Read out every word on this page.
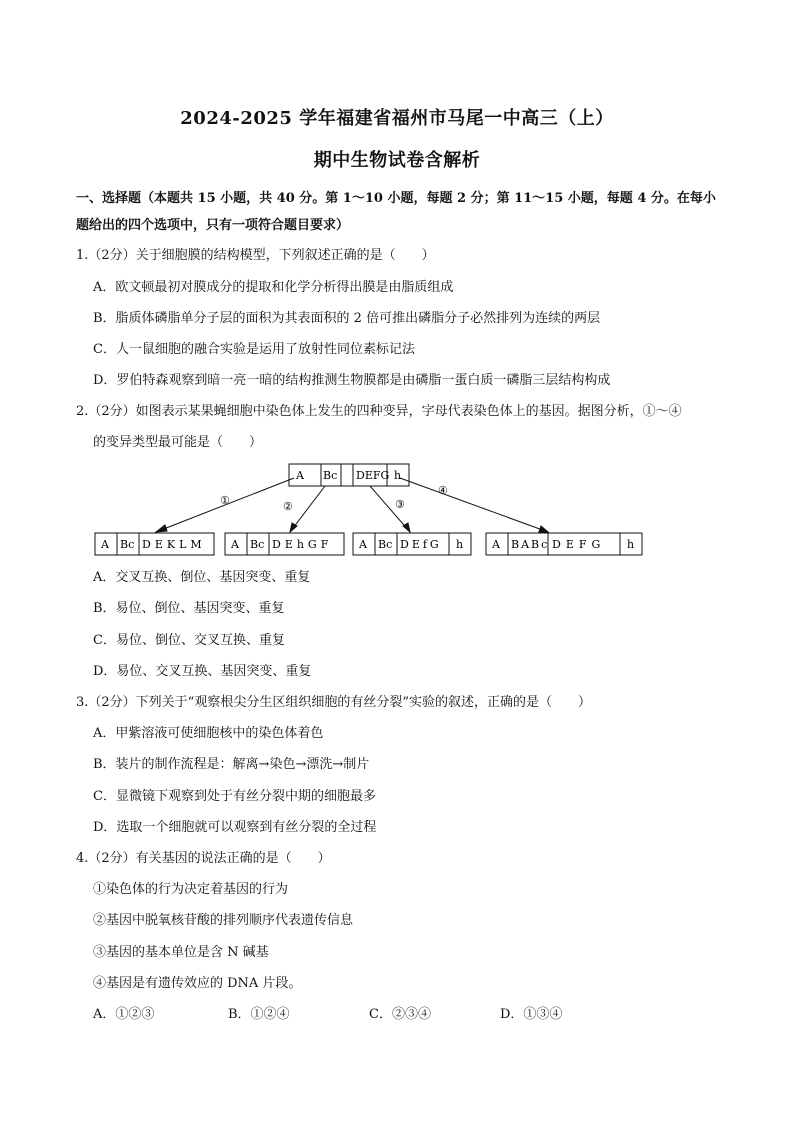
2024-2025 学年福建省福州市马尾一中高三（上）
期中生物试卷含解析
一、选择题（本题共 15 小题，共 40 分。第 1～10 小题，每题 2 分；第 11～15 小题，每题 4 分。在每小题给出的四个选项中，只有一项符合题目要求）
1.（2分）关于细胞膜的结构模型，下列叙述正确的是（　　）
A．欧文顿最初对膜成分的提取和化学分析得出膜是由脂质组成
B．脂质体磷脂单分子层的面积为其表面积的 2 倍可推出磷脂分子必然排列为连续的两层
C．人一鼠细胞的融合实验是运用了放射性同位素标记法
D．罗伯特森观察到暗一亮一暗的结构推测生物膜都是由磷脂一蛋白质一磷脂三层结构构成
2.（2分）如图表示某果蝇细胞中染色体上发生的四种变异，字母代表染色体上的基因。据图分析，①～④
的变异类型最可能是（　　）
A Bc DEFG h
①	②	③
④
A Bc DEKLM A Bc DEhGF A Bc DEfG h	A BABc DEFG h
A．交叉互换、倒位、基因突变、重复
B．易位、倒位、基因突变、重复
C．易位、倒位、交叉互换、重复
D．易位、交叉互换、基因突变、重复
3.（2分）下列关于“观察根尖分生区组织细胞的有丝分裂”实验的叙述，正确的是（　　）
A．甲紫溶液可使细胞核中的染色体着色
B．装片的制作流程是：解离→染色→漂洗→制片
C．显微镜下观察到处于有丝分裂中期的细胞最多
D．选取一个细胞就可以观察到有丝分裂的全过程
4.（2分）有关基因的说法正确的是（　　）
①染色体的行为决定着基因的行为
②基因中脱氧核苷酸的排列顺序代表遗传信息
③基因的基本单位是含 N 碱基
④基因是有遗传效应的 DNA 片段。
A．①②③	B．①②④	C．②③④	D．①③④
